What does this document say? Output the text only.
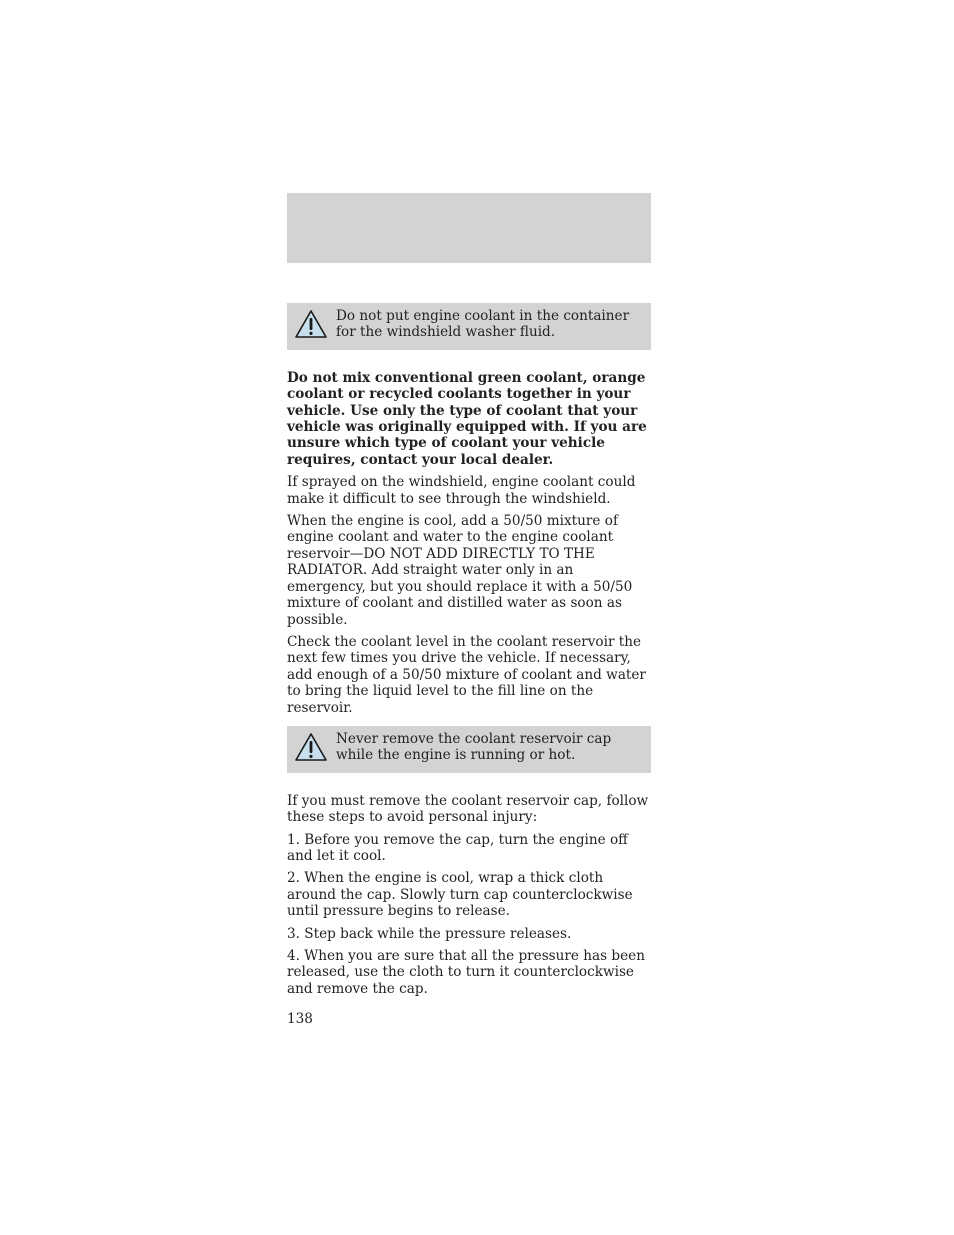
Do not put engine coolant in the container for the windshield washer fluid.

Do not mix conventional green coolant, orange coolant or recycled coolants together in your vehicle. Use only the type of coolant that your vehicle was originally equipped with. If you are unsure which type of coolant your vehicle requires, contact your local dealer.

If sprayed on the windshield, engine coolant could make it difficult to see through the windshield.

When the engine is cool, add a 50/50 mixture of engine coolant and water to the engine coolant reservoir—DO NOT ADD DIRECTLY TO THE RADIATOR. Add straight water only in an emergency, but you should replace it with a 50/50 mixture of coolant and distilled water as soon as possible.

Check the coolant level in the coolant reservoir the next few times you drive the vehicle. If necessary, add enough of a 50/50 mixture of coolant and water to bring the liquid level to the fill line on the reservoir.

Never remove the coolant reservoir cap while the engine is running or hot.

If you must remove the coolant reservoir cap, follow these steps to avoid personal injury:

1. Before you remove the cap, turn the engine off and let it cool.

2. When the engine is cool, wrap a thick cloth around the cap. Slowly turn cap counterclockwise until pressure begins to release.

3. Step back while the pressure releases.

4. When you are sure that all the pressure has been released, use the cloth to turn it counterclockwise and remove the cap.

138
